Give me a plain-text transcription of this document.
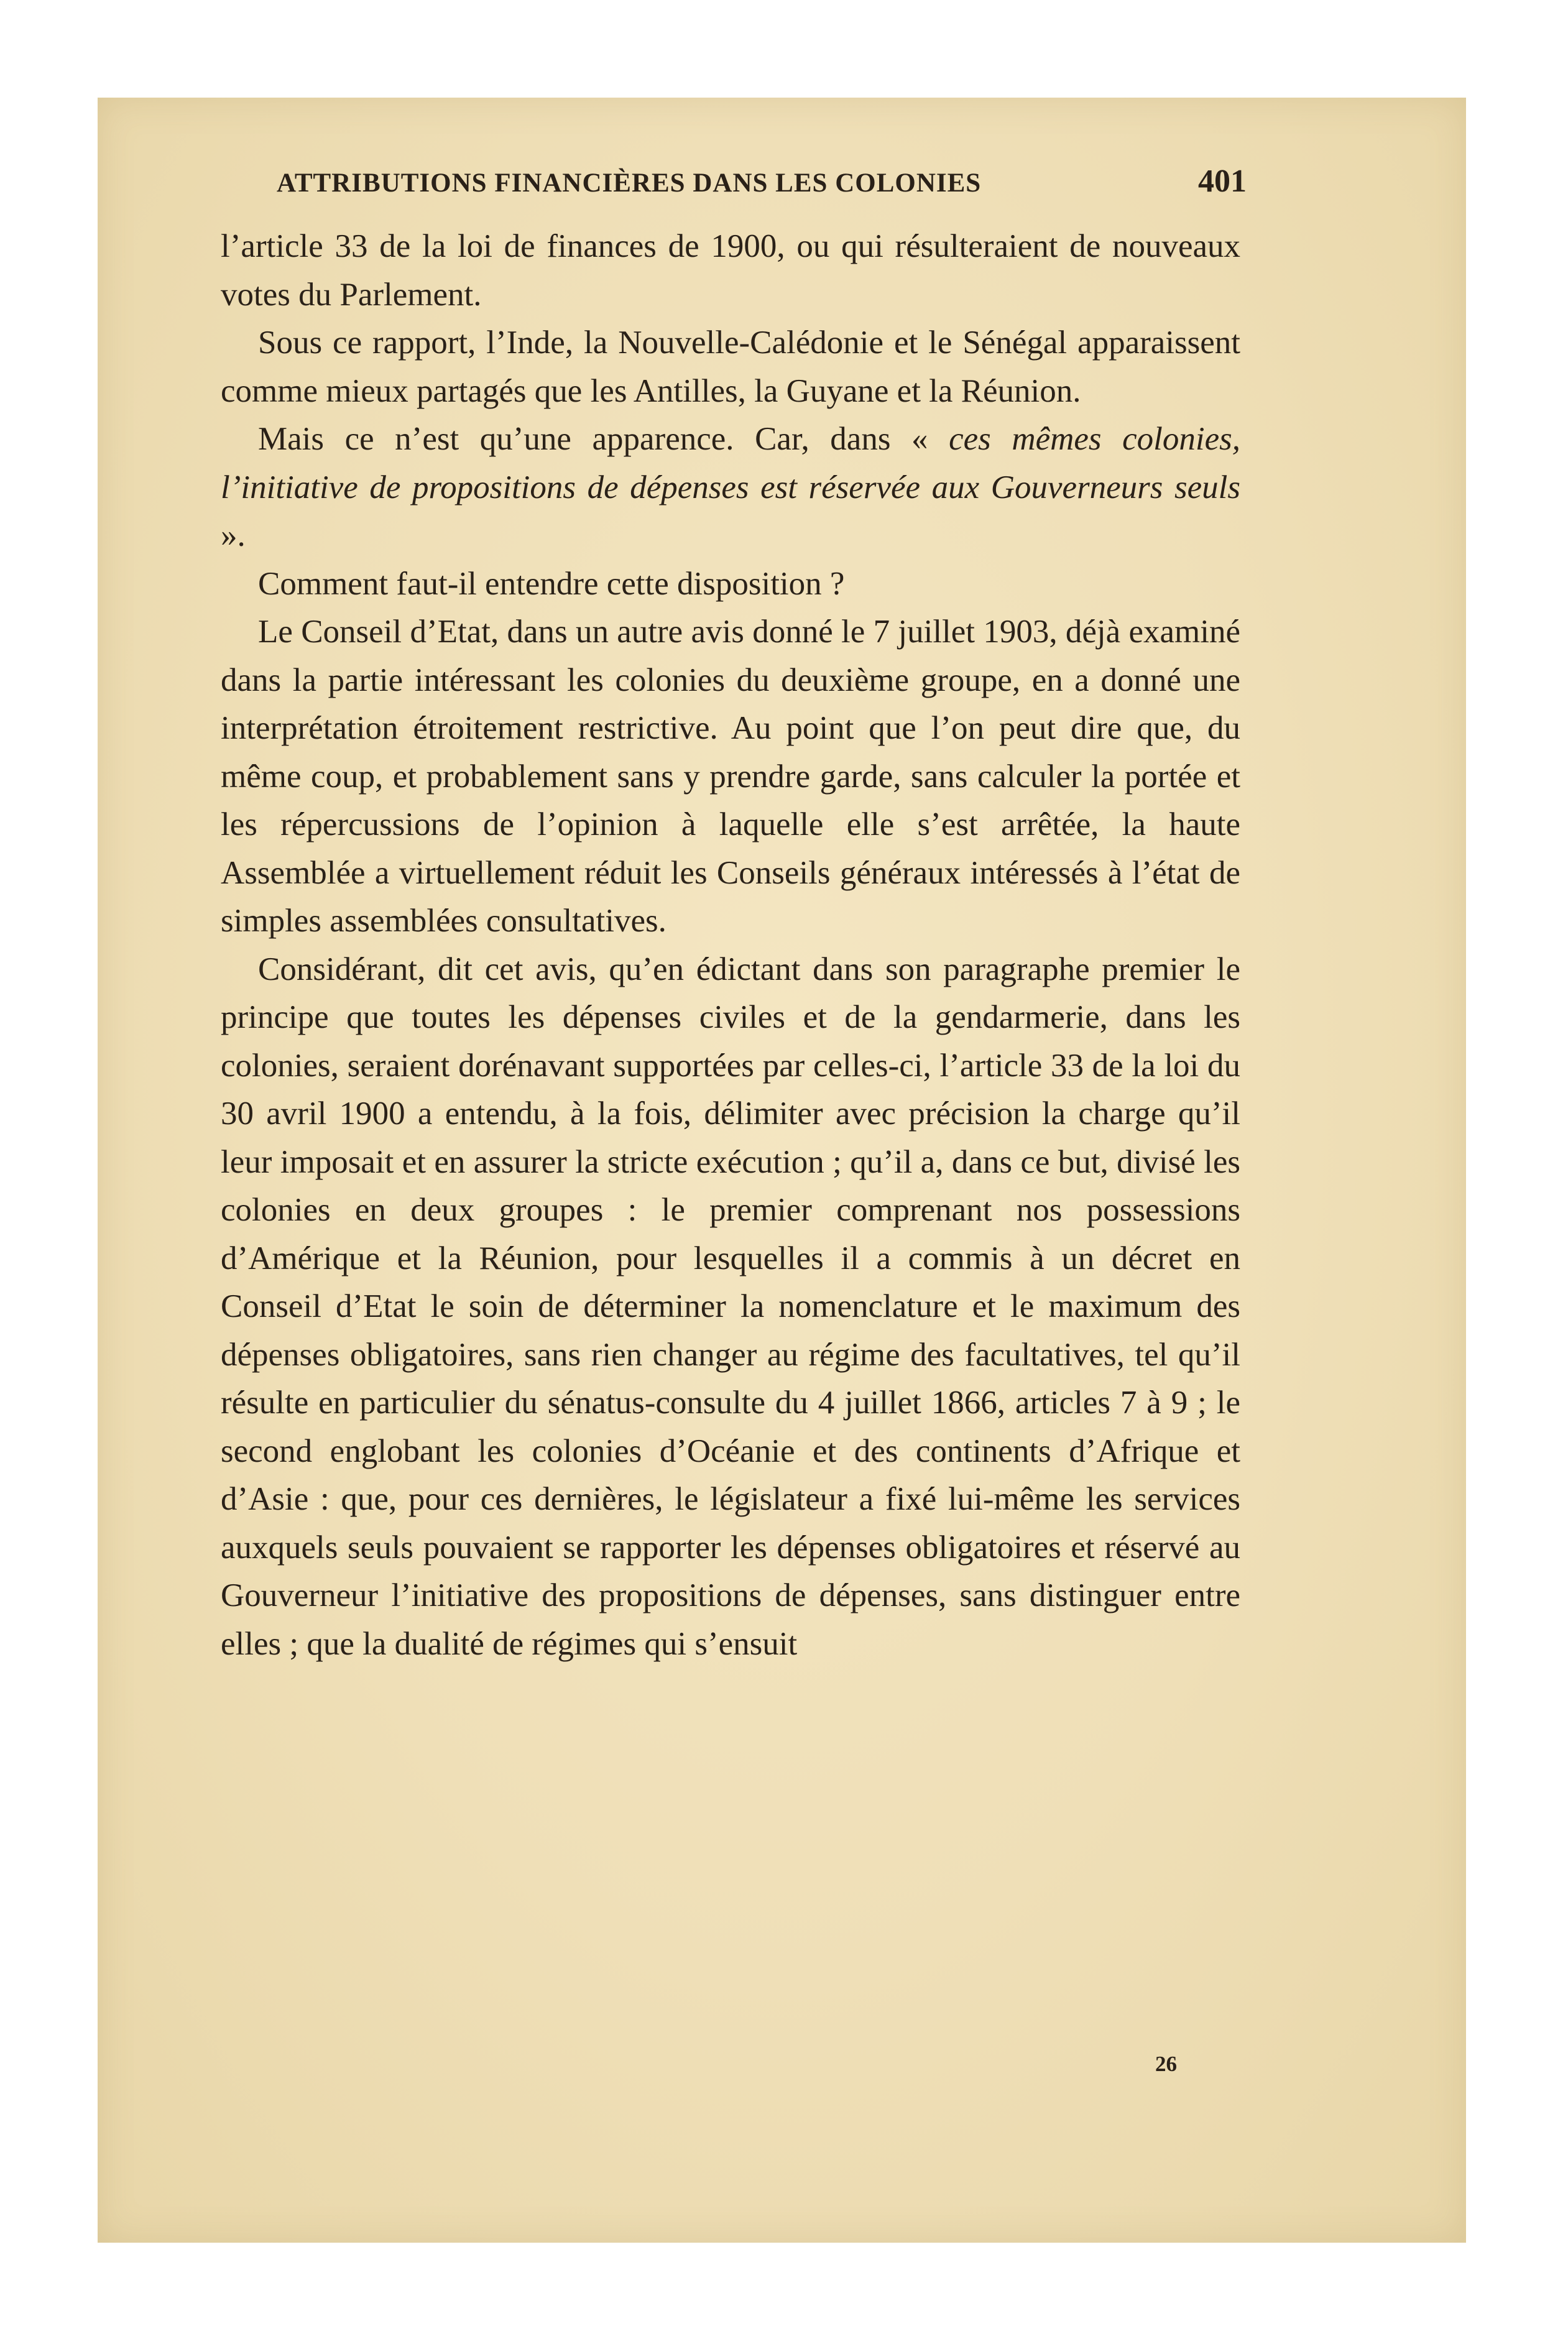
ATTRIBUTIONS FINANCIÈRES DANS LES COLONIES	401

l’article 33 de la loi de finances de 1900, ou qui résulteraient de nouveaux votes du Parlement.

Sous ce rapport, l’Inde, la Nouvelle-Calédonie et le Sénégal apparaissent comme mieux partagés que les Antilles, la Guyane et la Réunion.

Mais ce n’est qu’une apparence. Car, dans « ces mêmes colonies, l’initiative de propositions de dépenses est réservée aux Gouverneurs seuls ».

Comment faut-il entendre cette disposition ?

Le Conseil d’Etat, dans un autre avis donné le 7 juillet 1903, déjà examiné dans la partie intéressant les colonies du deuxième groupe, en a donné une interprétation étroitement restrictive. Au point que l’on peut dire que, du même coup, et probablement sans y prendre garde, sans calculer la portée et les répercussions de l’opinion à laquelle elle s’est arrêtée, la haute Assemblée a virtuellement réduit les Conseils généraux intéressés à l’état de simples assemblées consultatives.

Considérant, dit cet avis, qu’en édictant dans son paragraphe premier le principe que toutes les dépenses civiles et de la gendarmerie, dans les colonies, seraient dorénavant supportées par celles-ci, l’article 33 de la loi du 30 avril 1900 a entendu, à la fois, délimiter avec précision la charge qu’il leur imposait et en assurer la stricte exécution ; qu’il a, dans ce but, divisé les colonies en deux groupes : le premier comprenant nos possessions d’Amérique et la Réunion, pour lesquelles il a commis à un décret en Conseil d’Etat le soin de déterminer la nomenclature et le maximum des dépenses obligatoires, sans rien changer au régime des facultatives, tel qu’il résulte en particulier du sénatus-consulte du 4 juillet 1866, articles 7 à 9 ; le second englobant les colonies d’Océanie et des continents d’Afrique et d’Asie : que, pour ces dernières, le législateur a fixé lui-même les services auxquels seuls pouvaient se rapporter les dépenses obligatoires et réservé au Gouverneur l’initiative des propositions de dépenses, sans distinguer entre elles ; que la dualité de régimes qui s’ensuit

26
